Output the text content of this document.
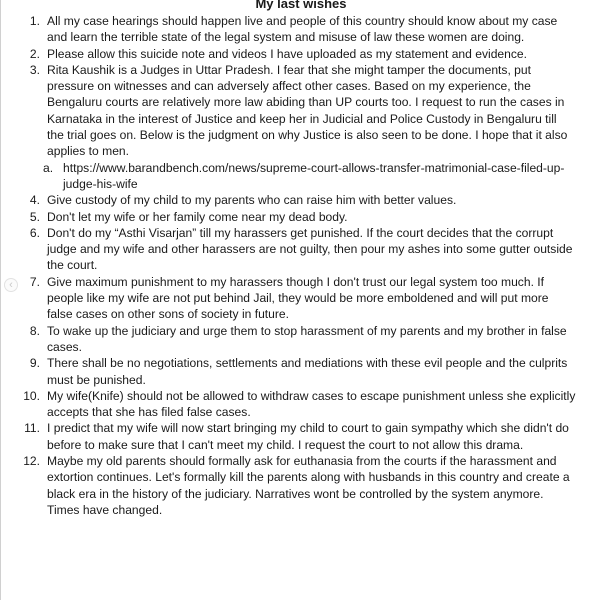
My last wishes
1. All my case hearings should happen live and people of this country should know about my case and learn the terrible state of the legal system and misuse of law these women are doing.
2. Please allow this suicide note and videos I have uploaded as my statement and evidence.
3. Rita Kaushik is a Judges in Uttar Pradesh. I fear that she might tamper the documents, put pressure on witnesses and can adversely affect other cases. Based on my experience, the Bengaluru courts are relatively more law abiding than UP courts too. I request to run the cases in Karnataka in the interest of Justice and keep her in Judicial and Police Custody in Bengaluru till the trial goes on. Below is the judgment on why Justice is also seen to be done. I hope that it also applies to men.
a. https://www.barandbench.com/news/supreme-court-allows-transfer-matrimonial-case-filed-up-judge-his-wife
4. Give custody of my child to my parents who can raise him with better values.
5. Don't let my wife or her family come near my dead body.
6. Don't do my “Asthi Visarjan” till my harassers get punished. If the court decides that the corrupt judge and my wife and other harassers are not guilty, then pour my ashes into some gutter outside the court.
7. Give maximum punishment to my harassers though I don't trust our legal system too much. If people like my wife are not put behind Jail, they would be more emboldened and will put more false cases on other sons of society in future.
8. To wake up the judiciary and urge them to stop harassment of my parents and my brother in false cases.
9. There shall be no negotiations, settlements and mediations with these evil people and the culprits must be punished.
10. My wife(Knife) should not be allowed to withdraw cases to escape punishment unless she explicitly accepts that she has filed false cases.
11. I predict that my wife will now start bringing my child to court to gain sympathy which she didn't do before to make sure that I can't meet my child. I request the court to not allow this drama.
12. Maybe my old parents should formally ask for euthanasia from the courts if the harassment and extortion continues. Let's formally kill the parents along with husbands in this country and create a black era in the history of the judiciary. Narratives wont be controlled by the system anymore. Times have changed.
‹
